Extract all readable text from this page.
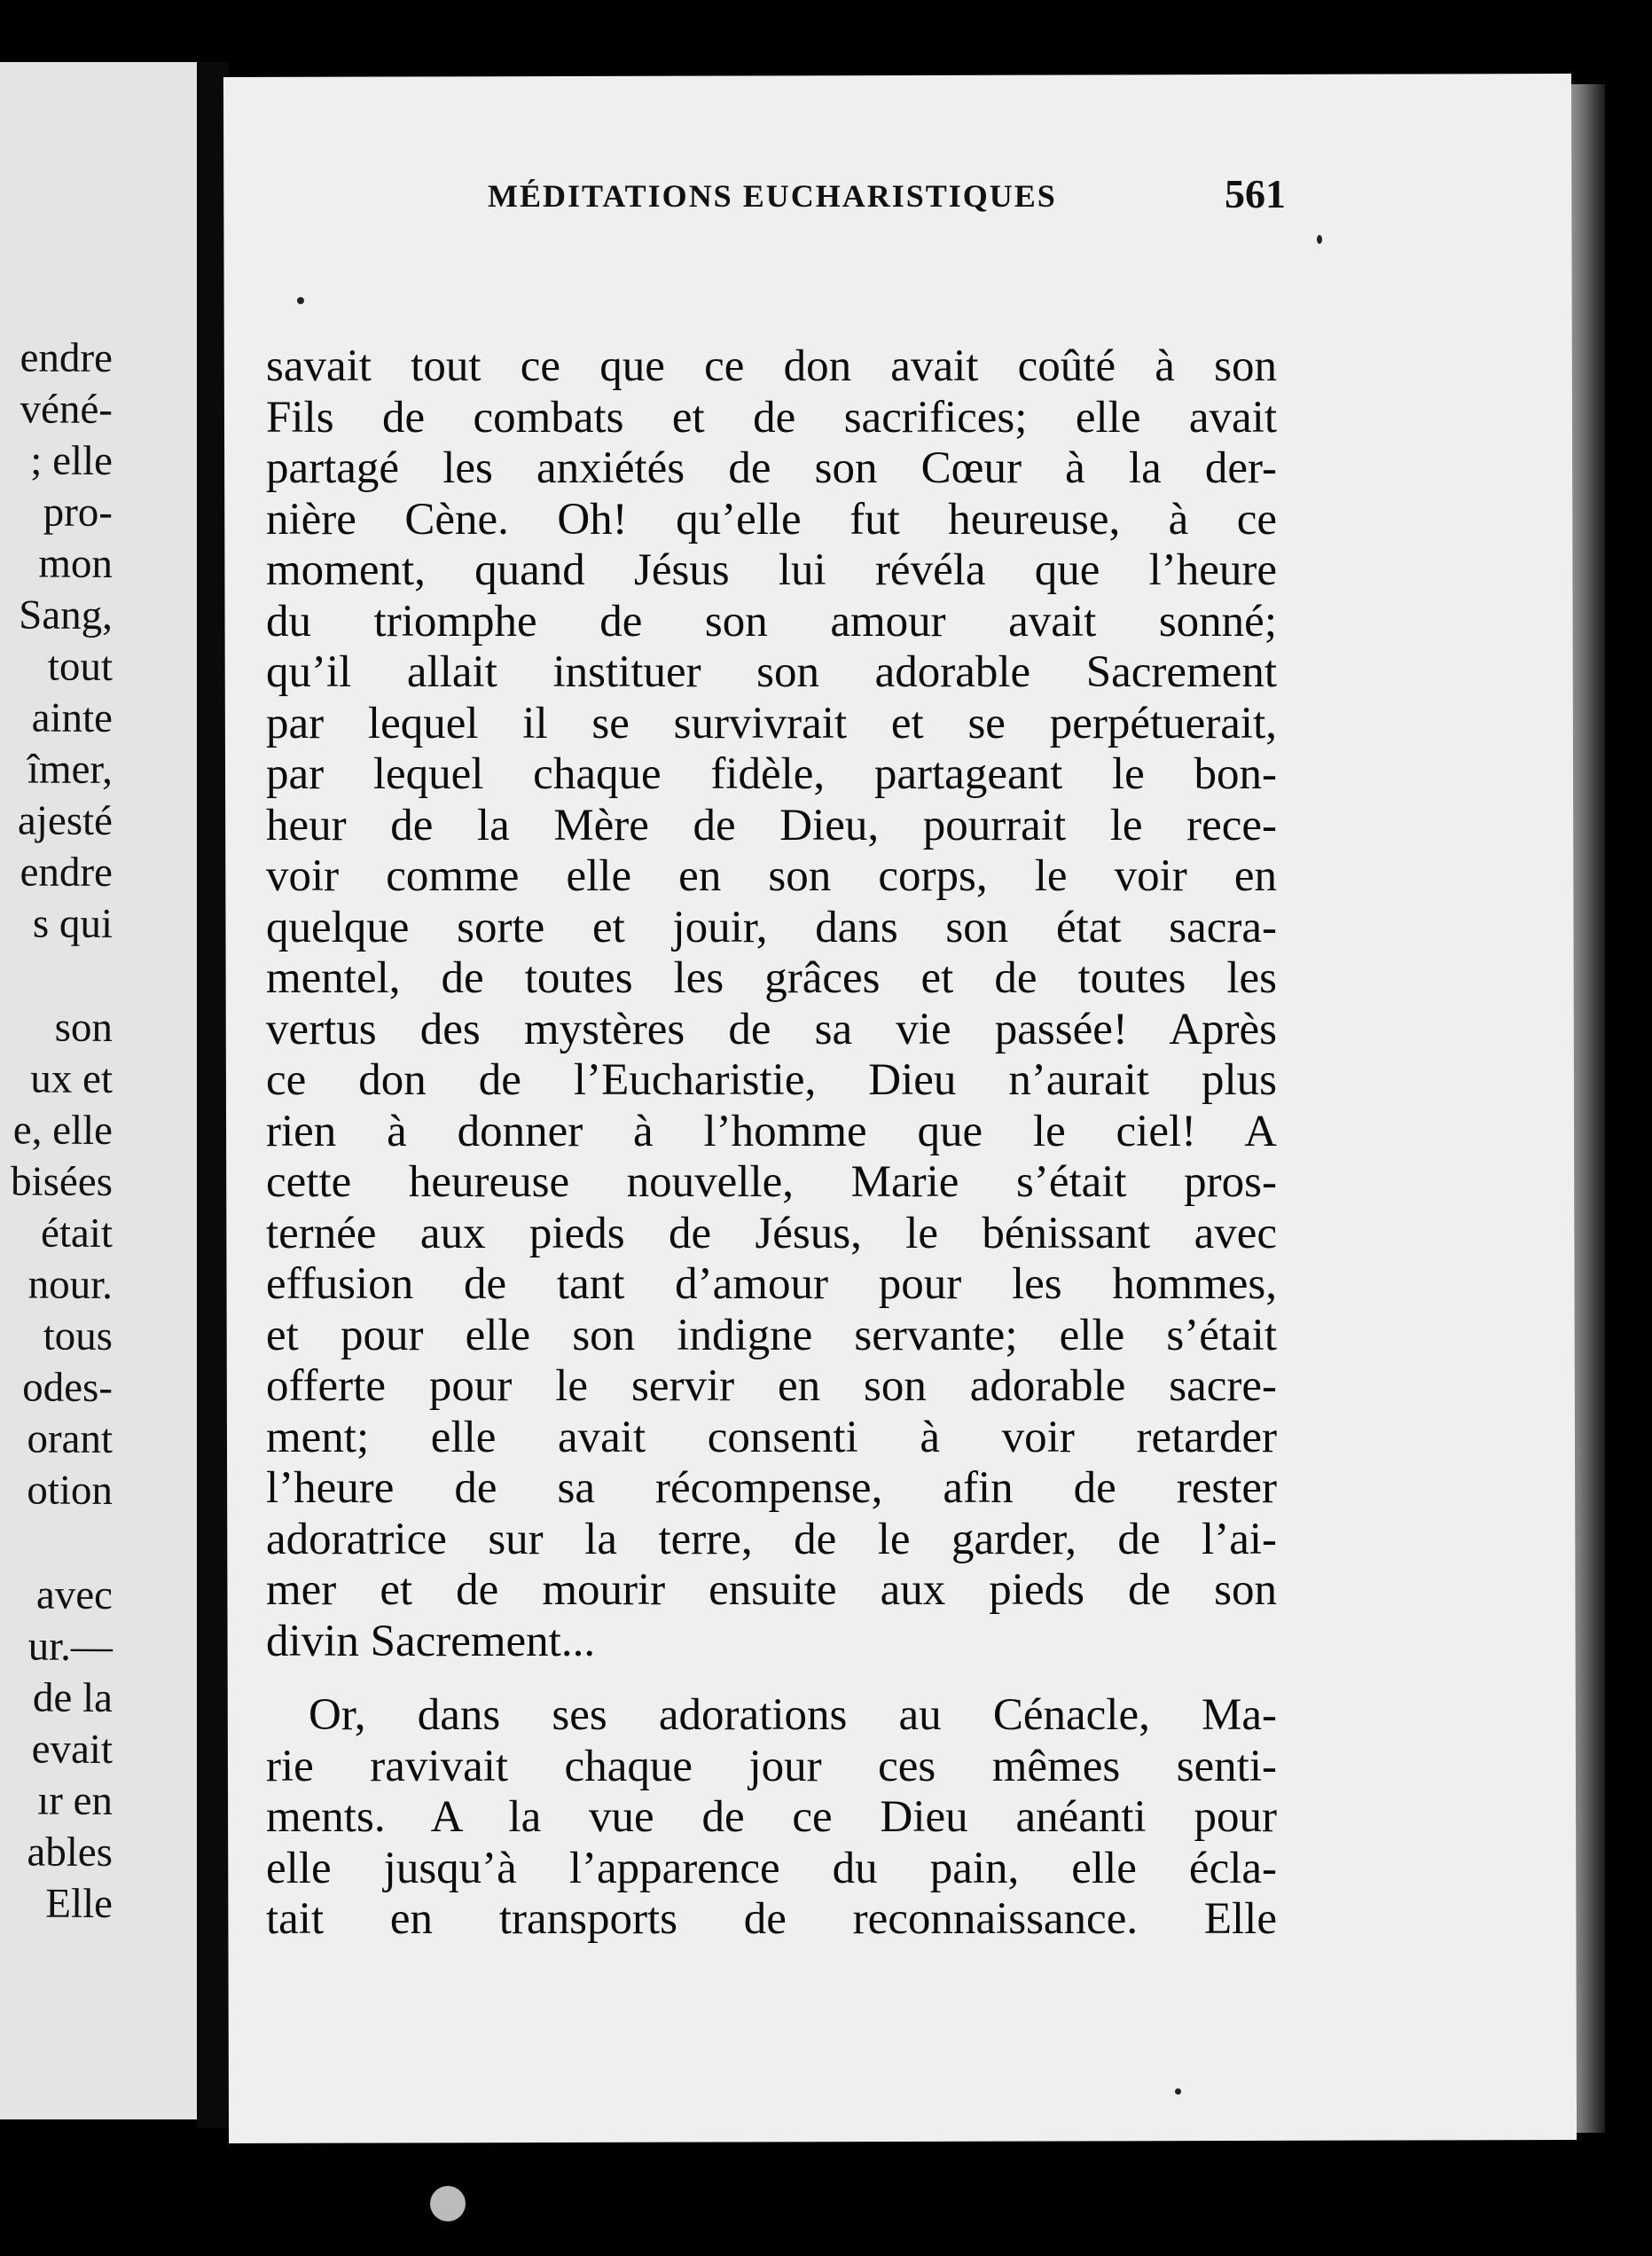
endre
véné-
; elle
pro-
mon
Sang,
tout
ainte
îmer,
ajesté
endre
s qui
son
ux et
e, elle
bisées
était
nour.
tous
odes-
orant
otion
avec
ur.—
de la
evait
ır en
ables
Elle
MÉDITATIONS EUCHARISTIQUES	561
savait tout ce que ce don avait coûté à son
Fils de combats et de sacrifices; elle avait
partagé les anxiétés de son Cœur à la der-
nière Cène. Oh! qu’elle fut heureuse, à ce
moment, quand Jésus lui révéla que l’heure
du triomphe de son amour avait sonné;
qu’il allait instituer son adorable Sacrement
par lequel il se survivrait et se perpétuerait,
par lequel chaque fidèle, partageant le bon-
heur de la Mère de Dieu, pourrait le rece-
voir comme elle en son corps, le voir en
quelque sorte et jouir, dans son état sacra-
mentel, de toutes les grâces et de toutes les
vertus des mystères de sa vie passée! Après
ce don de l’Eucharistie, Dieu n’aurait plus
rien à donner à l’homme que le ciel! A
cette heureuse nouvelle, Marie s’était pros-
ternée aux pieds de Jésus, le bénissant avec
effusion de tant d’amour pour les hommes,
et pour elle son indigne servante; elle s’était
offerte pour le servir en son adorable sacre-
ment; elle avait consenti à voir retarder
l’heure de sa récompense, afin de rester
adoratrice sur la terre, de le garder, de l’ai-
mer et de mourir ensuite aux pieds de son
divin Sacrement...
Or, dans ses adorations au Cénacle, Ma-
rie ravivait chaque jour ces mêmes senti-
ments. A la vue de ce Dieu anéanti pour
elle jusqu’à l’apparence du pain, elle écla-
tait en transports de reconnaissance. Elle
